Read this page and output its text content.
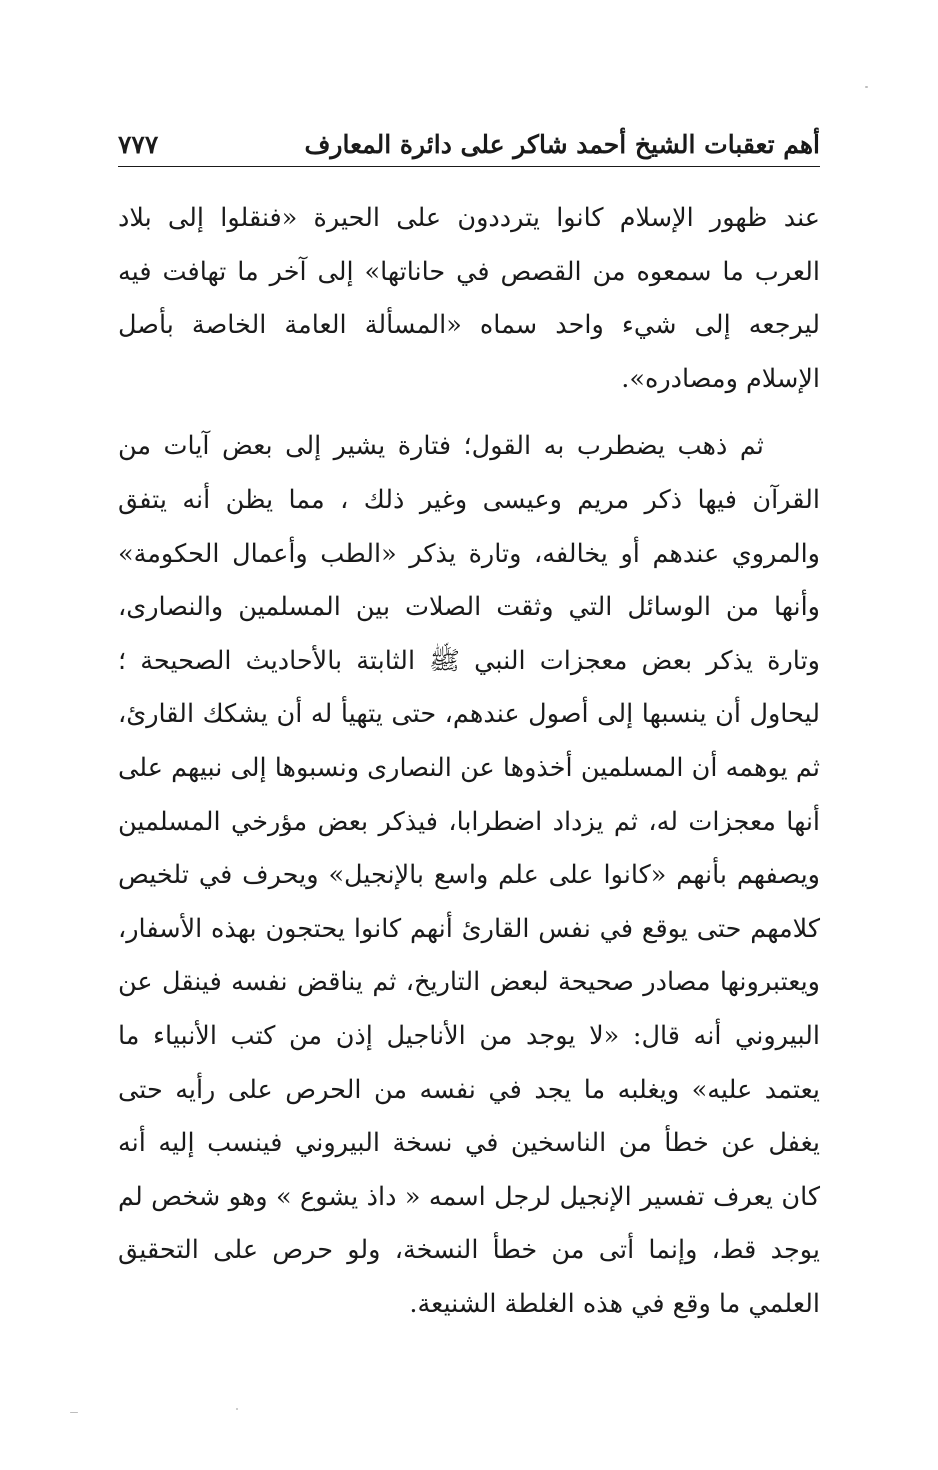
أهم تعقبات الشيخ أحمد شاكر على دائرة المعارف
٧٧٧

عند ظهور الإسلام كانوا يترددون على الحيرة «فنقلوا إلى بلاد العرب ما سمعوه من القصص في حاناتها» إلى آخر ما تهافت فيه ليرجعه إلى شيء واحد سماه «المسألة العامة الخاصة بأصل الإسلام ومصادره».

ثم ذهب يضطرب به القول؛ فتارة يشير إلى بعض آيات من القرآن فيها ذكر مريم وعيسى وغير ذلك ، مما يظن أنه يتفق والمروي عندهم أو يخالفه، وتارة يذكر «الطب وأعمال الحكومة» وأنها من الوسائل التي وثقت الصلات بين المسلمين والنصارى، وتارة يذكر بعض معجزات النبي ﷺ الثابتة بالأحاديث الصحيحة ؛ ليحاول أن ينسبها إلى أصول عندهم، حتى يتهيأ له أن يشكك القارئ، ثم يوهمه أن المسلمين أخذوها عن النصارى ونسبوها إلى نبيهم على أنها معجزات له، ثم يزداد اضطرابا، فيذكر بعض مؤرخي المسلمين ويصفهم بأنهم «كانوا على علم واسع بالإنجيل» ويحرف في تلخيص كلامهم حتى يوقع في نفس القارئ أنهم كانوا يحتجون بهذه الأسفار، ويعتبرونها مصادر صحيحة لبعض التاريخ، ثم يناقض نفسه فينقل عن البيروني أنه قال: «لا يوجد من الأناجيل إذن من كتب الأنبياء ما يعتمد عليه» ويغلبه ما يجد في نفسه من الحرص على رأيه حتى يغفل عن خطأ من الناسخين في نسخة البيروني فينسب إليه أنه كان يعرف تفسير الإنجيل لرجل اسمه « داذ يشوع » وهو شخص لم يوجد قط، وإنما أتى من خطأ النسخة، ولو حرص على التحقيق العلمي ما وقع في هذه الغلطة الشنيعة.
